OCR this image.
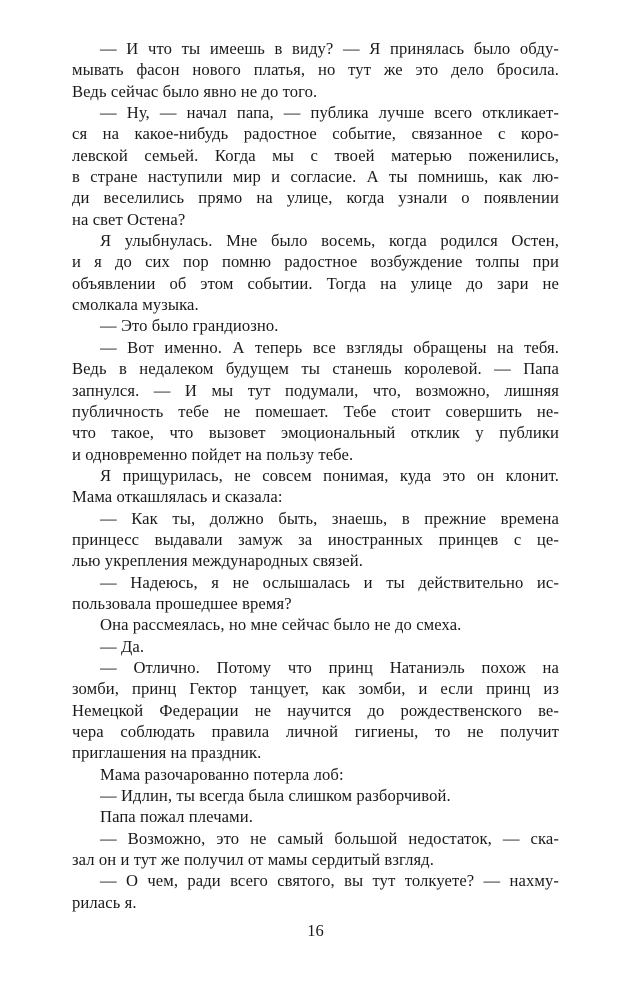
— И что ты имеешь в виду? — Я принялась было обду-
мывать фасон нового платья, но тут же это дело бросила.
Ведь сейчас было явно не до того.

— Ну, — начал папа, — публика лучше всего откликает-
ся на какое-нибудь радостное событие, связанное с коро-
левской семьей. Когда мы с твоей матерью поженились,
в стране наступили мир и согласие. А ты помнишь, как лю-
ди веселились прямо на улице, когда узнали о появлении
на свет Остена?

Я улыбнулась. Мне было восемь, когда родился Остен,
и я до сих пор помню радостное возбуждение толпы при
объявлении об этом событии. Тогда на улице до зари не
смолкала музыка.

— Это было грандиозно.

— Вот именно. А теперь все взгляды обращены на тебя.
Ведь в недалеком будущем ты станешь королевой. — Папа
запнулся. — И мы тут подумали, что, возможно, лишняя
публичность тебе не помешает. Тебе стоит совершить не-
что такое, что вызовет эмоциональный отклик у публики
и одновременно пойдет на пользу тебе.

Я прищурилась, не совсем понимая, куда это он клонит.
Мама откашлялась и сказала:

— Как ты, должно быть, знаешь, в прежние времена
принцесс выдавали замуж за иностранных принцев с це-
лью укрепления международных связей.

— Надеюсь, я не ослышалась и ты действительно ис-
пользовала прошедшее время?

Она рассмеялась, но мне сейчас было не до смеха.

— Да.

— Отлично. Потому что принц Натаниэль похож на
зомби, принц Гектор танцует, как зомби, и если принц из
Немецкой Федерации не научится до рождественского ве-
чера соблюдать правила личной гигиены, то не получит
приглашения на праздник.

Мама разочарованно потерла лоб:

— Идлин, ты всегда была слишком разборчивой.

Папа пожал плечами.

— Возможно, это не самый большой недостаток, — ска-
зал он и тут же получил от мамы сердитый взгляд.

— О чем, ради всего святого, вы тут толкуете? — нахму-
рилась я.

16
